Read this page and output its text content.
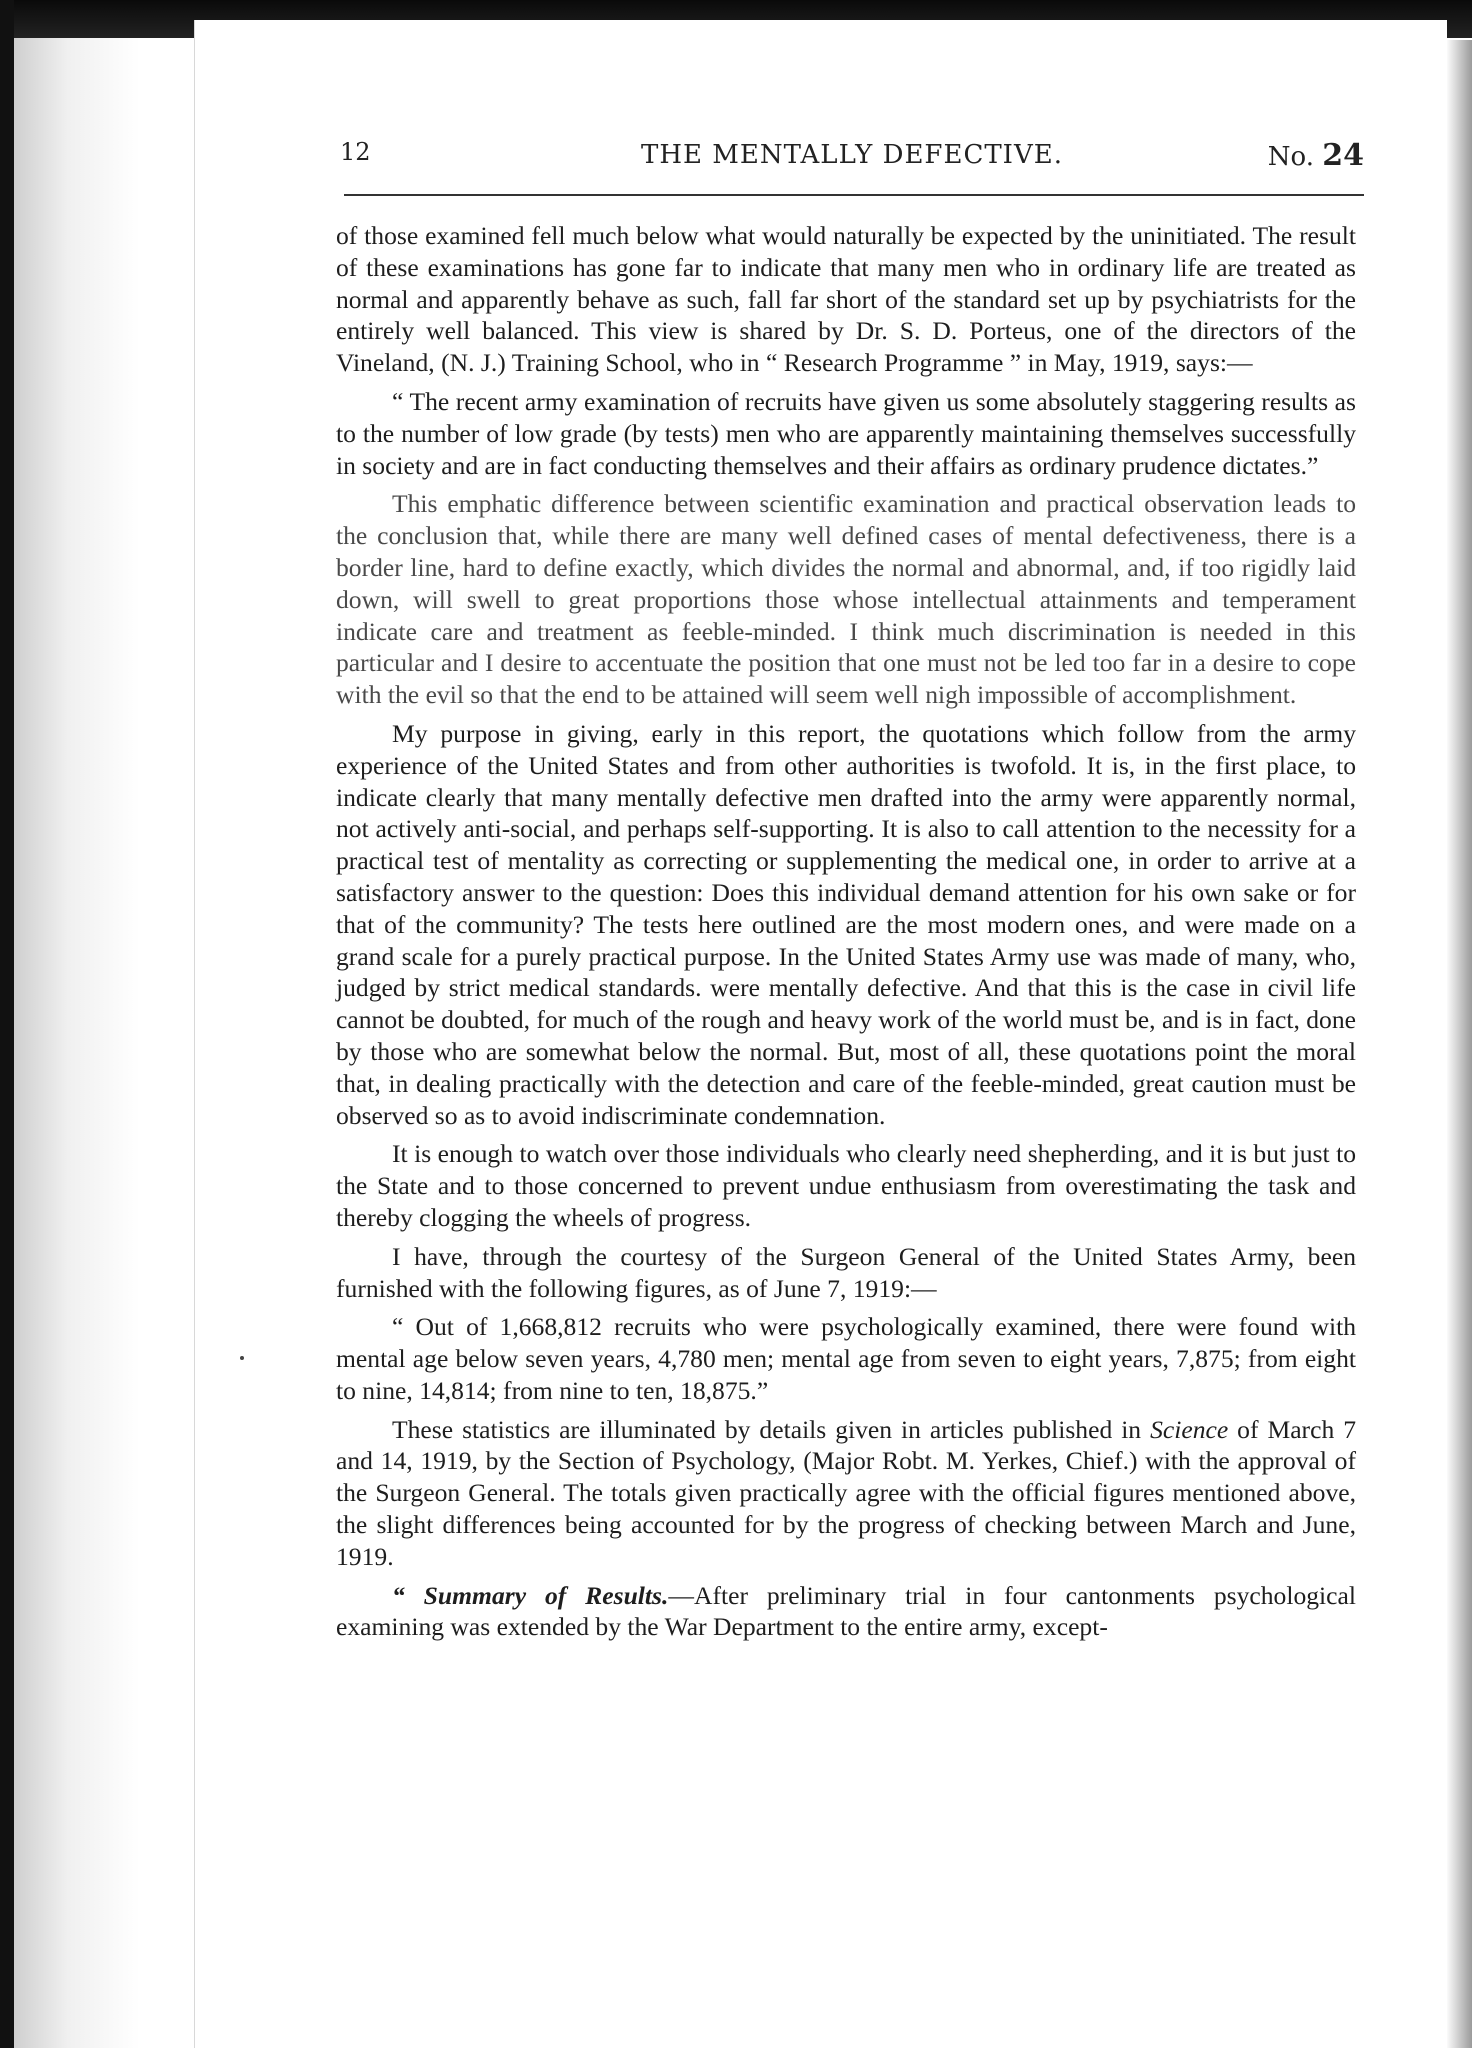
12	THE MENTALLY DEFECTIVE.	No. 24

of those examined fell much below what would naturally be expected by the uninitiated. The result of these examinations has gone far to indicate that many men who in ordinary life are treated as normal and apparently behave as such, fall far short of the standard set up by psychiatrists for the entirely well balanced. This view is shared by Dr. S. D. Porteus, one of the directors of the Vineland, (N. J.) Training School, who in “ Research Programme ” in May, 1919, says:—

“ The recent army examination of recruits have given us some absolutely staggering results as to the number of low grade (by tests) men who are apparently maintaining themselves successfully in society and are in fact conducting themselves and their affairs as ordinary prudence dictates.”

This emphatic difference between scientific examination and practical observation leads to the conclusion that, while there are many well defined cases of mental defectiveness, there is a border line, hard to define exactly, which divides the normal and abnormal, and, if too rigidly laid down, will swell to great proportions those whose intellectual attainments and temperament indicate care and treatment as feeble-minded. I think much discrimination is needed in this particular and I desire to accentuate the position that one must not be led too far in a desire to cope with the evil so that the end to be attained will seem well nigh impossible of accomplishment.

My purpose in giving, early in this report, the quotations which follow from the army experience of the United States and from other authorities is twofold. It is, in the first place, to indicate clearly that many mentally defective men drafted into the army were apparently normal, not actively anti-social, and perhaps self-supporting. It is also to call attention to the necessity for a practical test of mentality as correcting or supplementing the medical one, in order to arrive at a satisfactory answer to the question: Does this individual demand attention for his own sake or for that of the community? The tests here outlined are the most modern ones, and were made on a grand scale for a purely practical purpose. In the United States Army use was made of many, who, judged by strict medical standards. were mentally defective. And that this is the case in civil life cannot be doubted, for much of the rough and heavy work of the world must be, and is in fact, done by those who are somewhat below the normal. But, most of all, these quotations point the moral that, in dealing practically with the detection and care of the feeble-minded, great caution must be observed so as to avoid indiscriminate condemnation.

It is enough to watch over those individuals who clearly need shepherding, and it is but just to the State and to those concerned to prevent undue enthusiasm from overestimating the task and thereby clogging the wheels of progress.

I have, through the courtesy of the Surgeon General of the United States Army, been furnished with the following figures, as of June 7, 1919:—

“ Out of 1,668,812 recruits who were psychologically examined, there were found with mental age below seven years, 4,780 men; mental age from seven to eight years, 7,875; from eight to nine, 14,814; from nine to ten, 18,875.”

These statistics are illuminated by details given in articles published in Science of March 7 and 14, 1919, by the Section of Psychology, (Major Robt. M. Yerkes, Chief.) with the approval of the Surgeon General. The totals given practically agree with the official figures mentioned above, the slight differences being accounted for by the progress of checking between March and June, 1919.

“ Summary of Results.—After preliminary trial in four cantonments psychological examining was extended by the War Department to the entire army, except-
